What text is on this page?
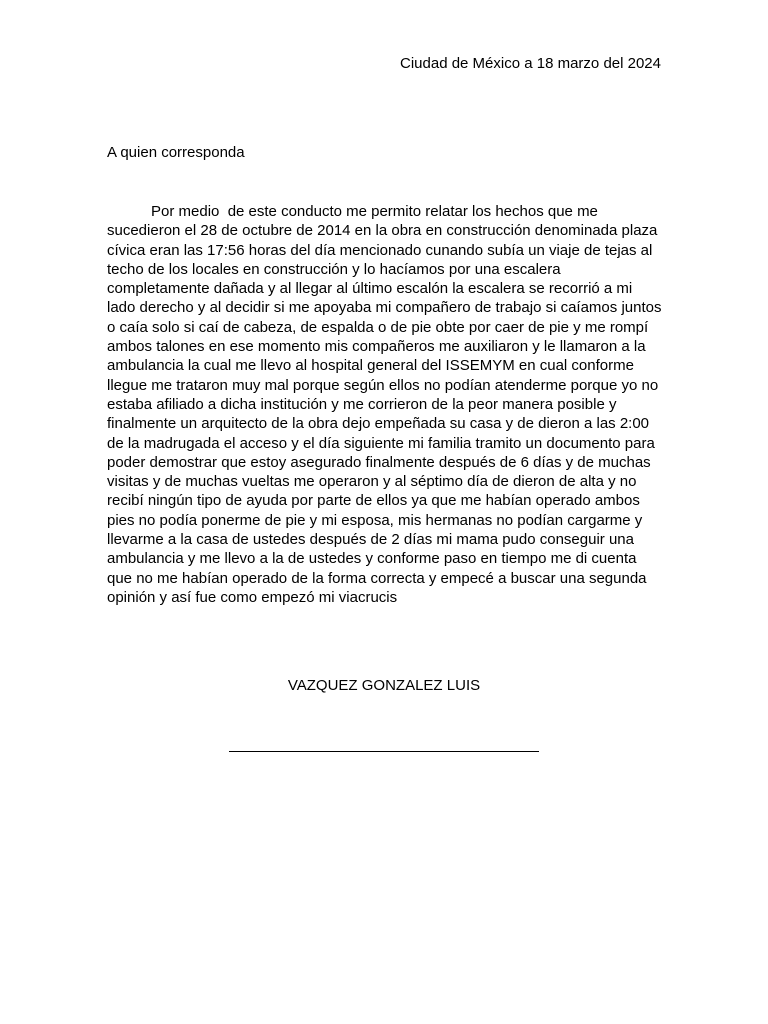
Ciudad de México a 18 marzo del 2024
A quien corresponda

Por medio  de este conducto me permito relatar los hechos que me sucedieron el 28 de octubre de 2014 en la obra en construcción denominada plaza cívica eran las 17:56 horas del día mencionado cunando subía un viaje de tejas al techo de los locales en construcción y lo hacíamos por una escalera completamente dañada y al llegar al último escalón la escalera se recorrió a mi lado derecho y al decidir si me apoyaba mi compañero de trabajo si caíamos juntos o caía solo si caí de cabeza, de espalda o de pie obte por caer de pie y me rompí ambos talones en ese momento mis compañeros me auxiliaron y le llamaron a la ambulancia la cual me llevo al hospital general del ISSEMYM en cual conforme llegue me trataron muy mal porque según ellos no podían atenderme porque yo no estaba afiliado a dicha institución y me corrieron de la peor manera posible y finalmente un arquitecto de la obra dejo empeñada su casa y de dieron a las 2:00 de la madrugada el acceso y el día siguiente mi familia tramito un documento para poder demostrar que estoy asegurado finalmente después de 6 días y de muchas visitas y de muchas vueltas me operaron y al séptimo día de dieron de alta y no recibí ningún tipo de ayuda por parte de ellos ya que me habían operado ambos pies no podía ponerme de pie y mi esposa, mis hermanas no podían cargarme y llevarme a la casa de ustedes después de 2 días mi mama pudo conseguir una ambulancia y me llevo a la de ustedes y conforme paso en tiempo me di cuenta que no me habían operado de la forma correcta y empecé a buscar una segunda opinión y así fue como empezó mi viacrucis

VAZQUEZ GONZALEZ LUIS
